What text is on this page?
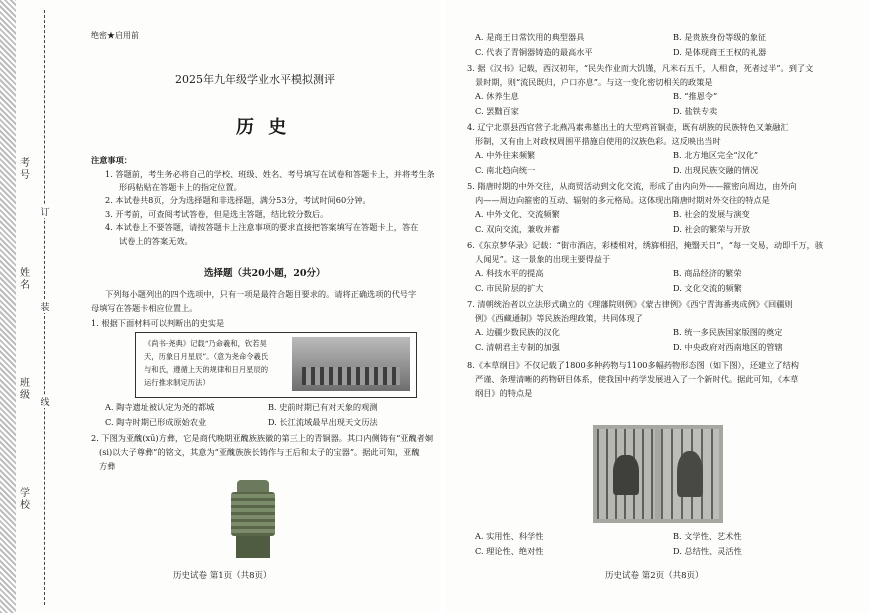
考号
姓名
班级
学校
订
装
线
绝密★启用前
2025年九年级学业水平模拟测评
历 史
注意事项：
1. 答题前，考生务必将自己的学校、班级、姓名、考号填写在试卷和答题卡上，并将考生条
形码粘贴在答题卡上的指定位置。
2. 本试卷共8页，分为选择题和非选择题，满分53分，考试时间60分钟。
3. 开考前，可查阅考试答卷，但是选主答题，结比较分数后。
4. 本试卷上不要答题，请按答题卡上注意事项的要求直接把答案填写在答题卡上，答在
试卷上的答案无效。
选择题（共20小题，20分）
下列每小题列出的四个选项中，只有一项是最符合题目要求的。请将正确选项的代号字
母填写在答题卡相应位置上。
1. 根据下面材料可以判断出的史实是
《尚书·尧典》记载“乃命羲和，钦若昊
天，历象日月星辰”。（意为尧命令羲氏
与和氏，遵循上天的规律和日月星辰的
运行推求制定历法）
A. 陶寺遗址被认定为尧的都城	B. 史前时期已有对天象的观测
C. 陶寺时期已形成原始农业	D. 长江流域最早出现天文历法
2. 下图为亚醜(xū)方彝，它是商代晚期亚醜族族徽的第三上的青铜器。其口内侧铸有“亚醜者姛
(si)以大子尊彝”的铭文，其意为“亚醜族族长铸作与王后和太子的宝器”。据此可知，亚醜
方彝
历史试卷 第1页（共8页）
A. 是商王日常饮用的典型器具	B. 是贵族身份等级的象征
C. 代表了青铜器铸造的最高水平	D. 是体现商王王权的礼器
3. 据《汉书》记载，西汉初年，“民失作业而大饥馑，凡米石五千，人相食，死者过半”。到了文
景时期，则“流民既归，户口亦息”。与这一变化密切相关的政策是
A. 休养生息	B. “推恩令”
C. 罢黜百家	D. 盐铁专卖
4. 辽宁北票县西官营子北燕冯素弗墓出土的大型鸡首铜壶，既有胡族的民族特色又兼融汇
形制，又有由上对政权周围平措施自使用的汉族色彩。这反映出当时
A. 中外往来频繁	B. 北方地区完全“汉化”
C. 南北趋向统一	D. 出现民族交融的情况
5. 隋唐时期的中外交往，从商贸活动到文化交流，形成了由内向外——箍密向周边，由外向
内——周边向箍密的互动、辐射的多元格局。这体现出隋唐时期对外交往的特点是
A. 中外文化、交流频繁	B. 社会的发展与演变
C. 双向交流，兼收并蓄	D. 社会的繁荣与开放
6.《东京梦华录》记载：“街市酒店，彩楼相对，绣旆相招，掩翳天日”，“每一交易，动即千万，骇
人闻见”。这一景象的出现主要得益于
A. 科技水平的提高	B. 商品经济的繁荣
C. 市民阶层的扩大	D. 文化交流的频繁
7. 清朝统治者以立法形式确立的《理藩院则例》《蒙古律例》《西宁青海番夷成例》《回疆则
例》《西藏通制》等民族治理政策，共同体现了
A. 边疆少数民族的汉化	B. 统一多民族国家版图的奠定
C. 清朝君主专制的加强	D. 中央政府对西南地区的管辖
8.《本草纲目》不仅记载了1800多种药物与1100多幅药物形态图（如下图），还建立了结构
严谨、条理清晰的药物研目体系，使我国中药学发展进入了一个新时代。据此可知，《本草
纲目》的特点是
A. 实用性、科学性	B. 文学性、艺术性
C. 理论性、绝对性	D. 总结性、灵活性
历史试卷 第2页（共8页）
